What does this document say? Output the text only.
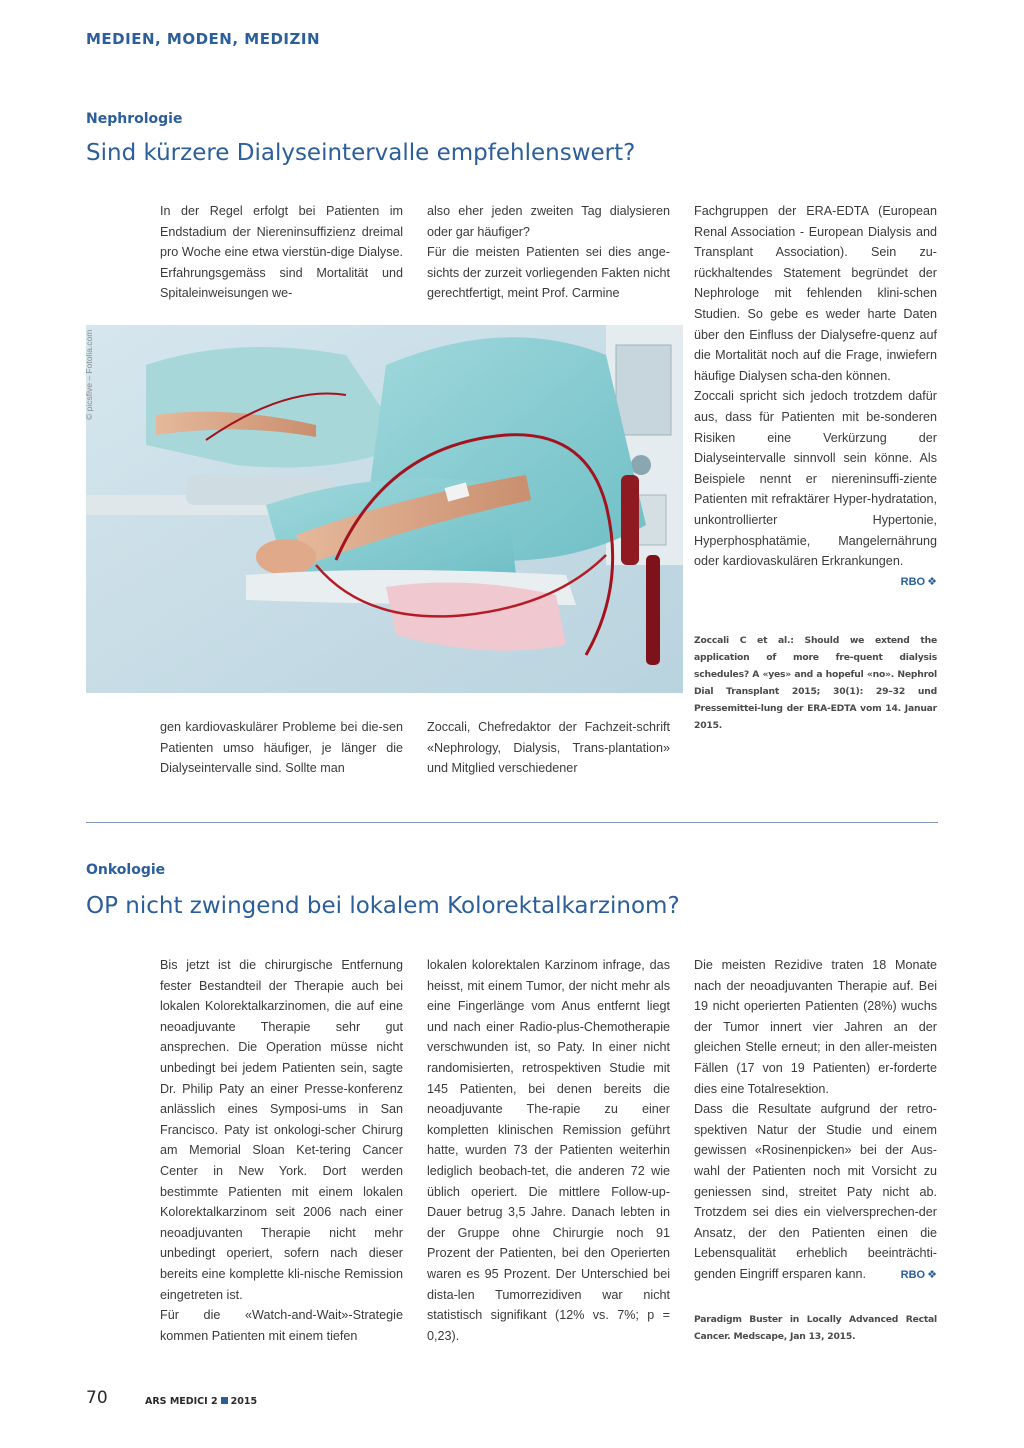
MEDIEN, MODEN, MEDIZIN
Nephrologie
Sind kürzere Dialyseintervalle empfehlenswert?

In der Regel erfolgt bei Patienten im Endstadium der Niereninsuffizienz dreimal pro Woche eine etwa vierstün-dige Dialyse. Erfahrungsgemäss sind Mortalität und Spitaleinweisungen we-

also eher jeden zweiten Tag dialysieren oder gar häufiger?

Für die meisten Patienten sei dies ange-sichts der zurzeit vorliegenden Fakten nicht gerechtfertigt, meint Prof. Carmine

Fachgruppen der ERA-EDTA (European Renal Association - European Dialysis and Transplant Association). Sein zu-rückhaltendes Statement begründet der Nephrologe mit fehlenden klini-schen Studien. So gebe es weder harte Daten über den Einfluss der Dialysefre-quenz auf die Mortalität noch auf die Frage, inwiefern häufige Dialysen scha-den können.

Zoccali spricht sich jedoch trotzdem dafür aus, dass für Patienten mit be-sonderen Risiken eine Verkürzung der Dialyseintervalle sinnvoll sein könne. Als Beispiele nennt er niereninsuffi-ziente Patienten mit refraktärer Hyper-hydratation, unkontrollierter Hypertonie, Hyperphosphatämie, Mangelernährung oder kardiovaskulären Erkrankungen.

RBO ❖
Zoccali C et al.: Should we extend the application of more fre-quent dialysis schedules? A «yes» and a hopeful «no». Nephrol Dial Transplant 2015; 30(1): 29–32 und Pressemittei-lung der ERA-EDTA vom 14. Januar 2015.
© picsfive – Fotolia.com

gen kardiovaskulärer Probleme bei die-sen Patienten umso häufiger, je länger die Dialyseintervalle sind. Sollte man

Zoccali, Chefredaktor der Fachzeit-schrift «Nephrology, Dialysis, Trans-plantation» und Mitglied verschiedener

Onkologie
OP nicht zwingend bei lokalem Kolorektalkarzinom?

Bis jetzt ist die chirurgische Entfernung fester Bestandteil der Therapie auch bei lokalen Kolorektalkarzinomen, die auf eine neoadjuvante Therapie sehr gut ansprechen. Die Operation müsse nicht unbedingt bei jedem Patienten sein, sagte Dr. Philip Paty an einer Presse-konferenz anlässlich eines Symposi-ums in San Francisco. Paty ist onkologi-scher Chirurg am Memorial Sloan Ket-tering Cancer Center in New York. Dort werden bestimmte Patienten mit einem lokalen Kolorektalkarzinom seit 2006 nach einer neoadjuvanten Therapie nicht mehr unbedingt operiert, sofern nach dieser bereits eine komplette kli-nische Remission eingetreten ist.

Für die «Watch-and-Wait»-Strategie kommen Patienten mit einem tiefen

lokalen kolorektalen Karzinom infrage, das heisst, mit einem Tumor, der nicht mehr als eine Fingerlänge vom Anus entfernt liegt und nach einer Radio-plus-Chemotherapie verschwunden ist, so Paty. In einer nicht randomisierten, retrospektiven Studie mit 145 Patienten, bei denen bereits die neoadjuvante The-rapie zu einer kompletten klinischen Remission geführt hatte, wurden 73 der Patienten weiterhin lediglich beobach-tet, die anderen 72 wie üblich operiert. Die mittlere Follow-up-Dauer betrug 3,5 Jahre. Danach lebten in der Gruppe ohne Chirurgie noch 91 Prozent der Patienten, bei den Operierten waren es 95 Prozent. Der Unterschied bei dista-len Tumorrezidiven war nicht statistisch signifikant (12% vs. 7%; p = 0,23).

Die meisten Rezidive traten 18 Monate nach der neoadjuvanten Therapie auf. Bei 19 nicht operierten Patienten (28%) wuchs der Tumor innert vier Jahren an der gleichen Stelle erneut; in den aller-meisten Fällen (17 von 19 Patienten) er-forderte dies eine Totalresektion.

Dass die Resultate aufgrund der retro-spektiven Natur der Studie und einem gewissen «Rosinenpicken» bei der Aus-wahl der Patienten noch mit Vorsicht zu geniessen sind, streitet Paty nicht ab. Trotzdem sei dies ein vielversprechen-der Ansatz, der den Patienten einen die Lebensqualität erheblich beeinträchti-genden Eingriff ersparen kann.	RBO ❖
Paradigm Buster in Locally Advanced Rectal Cancer. Medscape, Jan 13, 2015.
70	ARS MEDICI 2 2015
